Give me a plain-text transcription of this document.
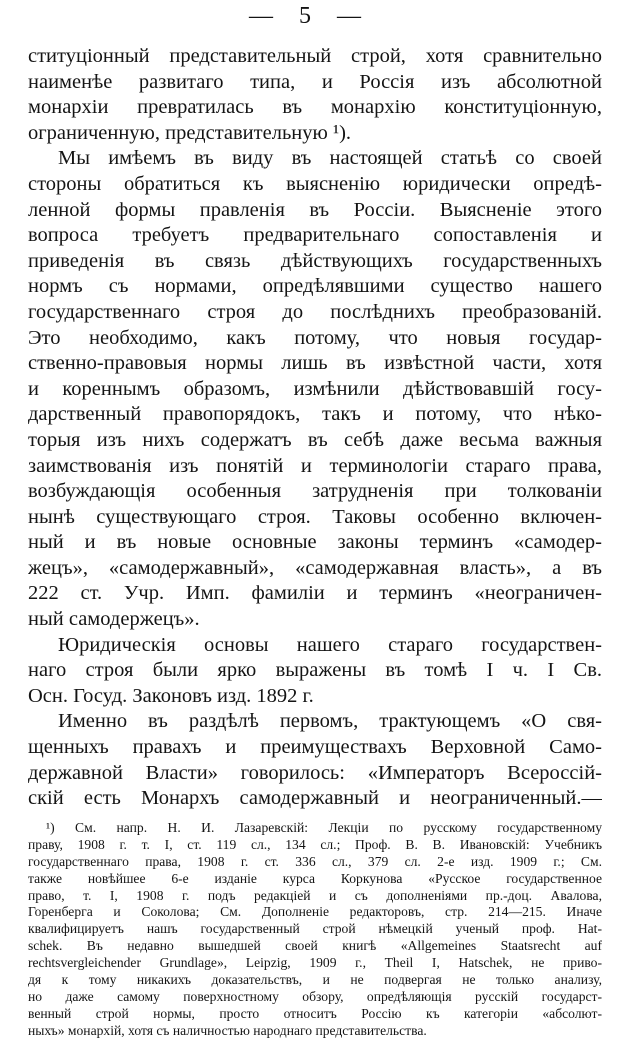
— 5 —
ституціонный представительный строй, хотя сравнительно
наименѣе развитаго типа, и Россія изъ абсолютной
монархіи превратилась въ монархію конституціонную,
ограниченную, представительную ¹).
Мы имѣемъ въ виду въ настоящей статьѣ со своей
стороны обратиться къ выясненію юридически опредѣ-
ленной формы правленія въ Россіи. Выясненіе этого
вопроса требуетъ предварительнаго сопоставленія и
приведенія въ связь дѣйствующихъ государственныхъ
нормъ съ нормами, опредѣлявшими существо нашего
государственнаго строя до послѣднихъ преобразованій.
Это необходимо, какъ потому, что новыя государ-
ственно-правовыя нормы лишь въ извѣстной части, хотя
и кореннымъ образомъ, измѣнили дѣйствовавшій госу-
дарственный правопорядокъ, такъ и потому, что нѣко-
торыя изъ нихъ содержатъ въ себѣ даже весьма важныя
заимствованія изъ понятій и терминологіи стараго права,
возбуждающія особенныя затрудненія при толкованіи
нынѣ существующаго строя. Таковы особенно включен-
ный и въ новые основные законы терминъ «самодер-
жецъ», «самодержавный», «самодержавная власть», а въ
222 ст. Учр. Имп. фамиліи и терминъ «неограничен-
ный самодержецъ».
Юридическія основы нашего стараго государствен-
наго строя были ярко выражены въ томѣ I ч. I Св.
Осн. Госуд. Законовъ изд. 1892 г.
Именно въ раздѣлѣ первомъ, трактующемъ «О свя-
щенныхъ правахъ и преимуществахъ Верховной Само-
державной Власти» говорилось: «Императоръ Всероссій-
скій есть Монархъ самодержавный и неограниченный.—
¹) См. напр. Н. И. Лазаревскій: Лекціи по русскому государственному
праву, 1908 г. т. I, ст. 119 сл., 134 сл.; Проф. В. В. Ивановскій: Учебникъ
государственнаго права, 1908 г. ст. 336 сл., 379 сл. 2-е изд. 1909 г.; См.
также новѣйшее 6-е изданіе курса Коркунова «Русское государственное
право, т. I, 1908 г. подъ редакціей и съ дополненіями пр.-доц. Авалова,
Горенберга и Соколова; См. Дополненіе редакторовъ, стр. 214—215. Иначе
квалифицируетъ нашъ государственный строй нѣмецкій ученый проф. Hat-
schek. Въ недавно вышедшей своей книгѣ «Allgemeines Staatsrecht auf
rechtsvergleichender Grundlage», Leipzig, 1909 г., Theil I, Hatschek, не приво-
дя к тому никакихъ доказательствъ, и не подвергая не только анализу,
но даже самому поверхностному обзору, опредѣляющія русскій государст-
венный строй нормы, просто относитъ Россію къ категоріи «абсолют-
ныхъ» монархій, хотя съ наличностью народнаго представительства.
